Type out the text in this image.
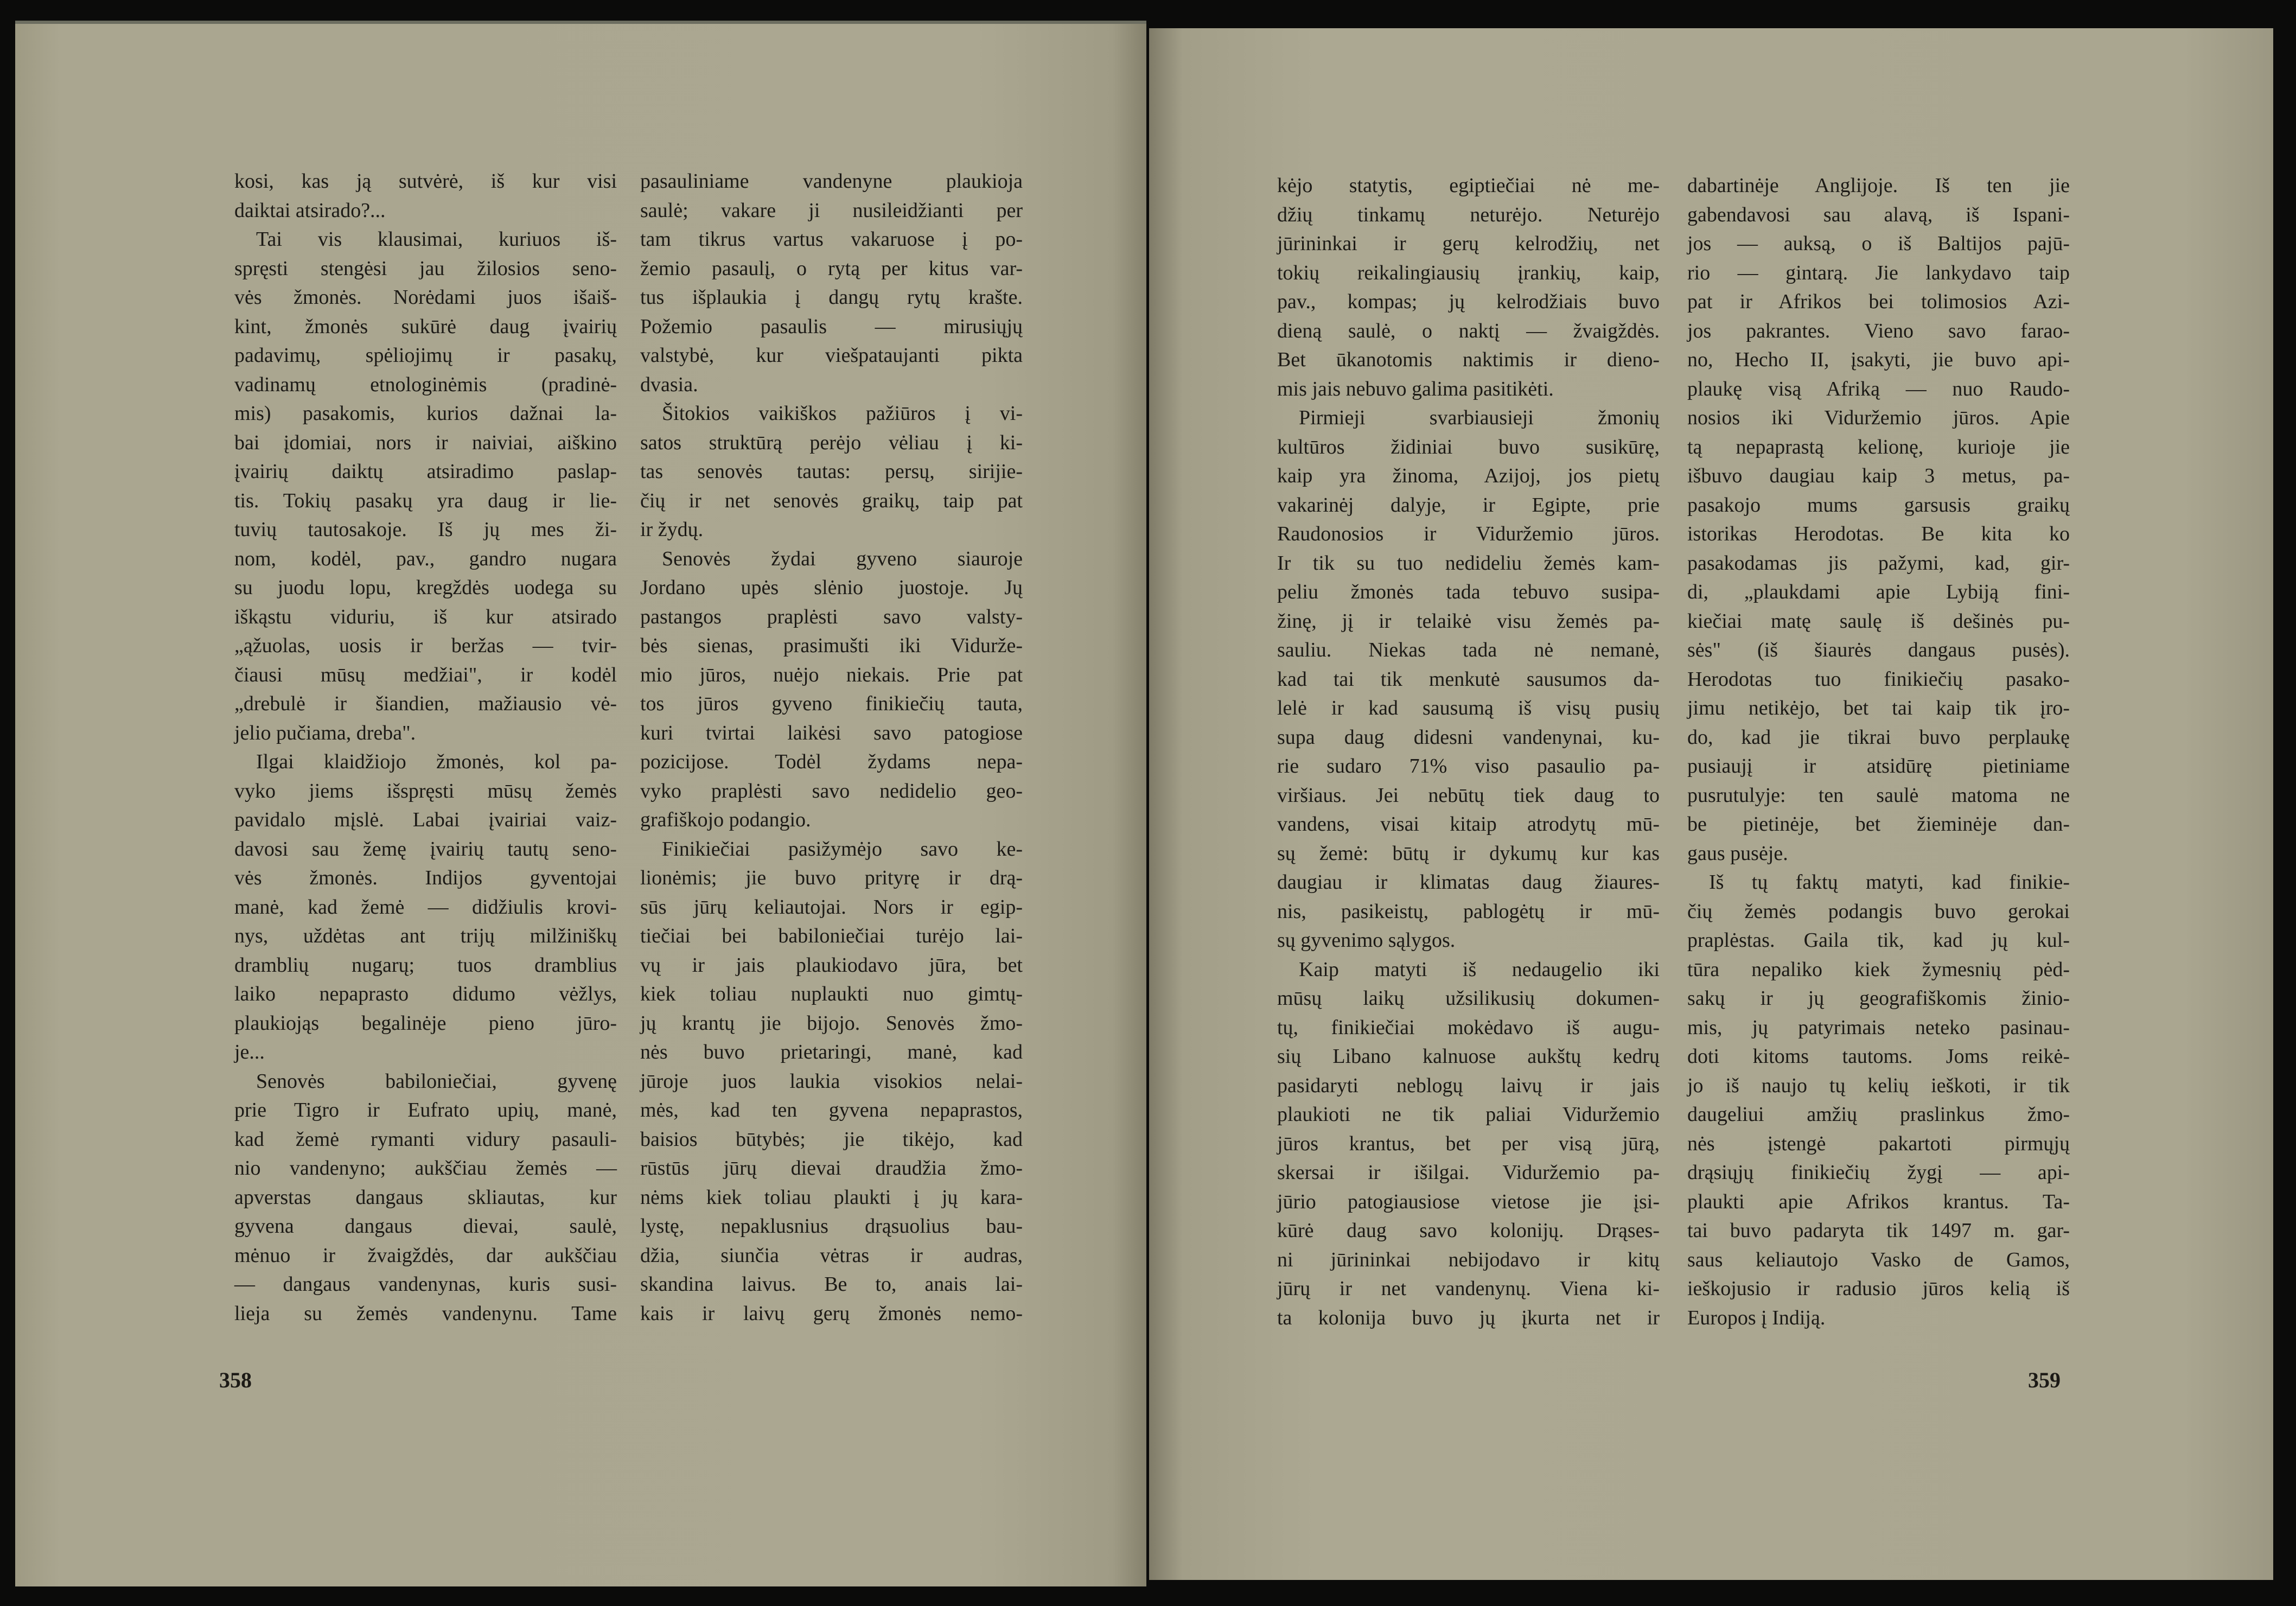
kosi, kas ją sutvėrė, iš kur visi
daiktai atsirado?...
Tai vis klausimai, kuriuos iš-
spręsti stengėsi jau žilosios seno-
vės žmonės. Norėdami juos išaiš-
kint, žmonės sukūrė daug įvairių
padavimų, spėliojimų ir pasakų,
vadinamų etnologinėmis (pradinė-
mis) pasakomis, kurios dažnai la-
bai įdomiai, nors ir naiviai, aiškino
įvairių daiktų atsiradimo paslap-
tis. Tokių pasakų yra daug ir lie-
tuvių tautosakoje. Iš jų mes ži-
nom, kodėl, pav., gandro nugara
su juodu lopu, kregždės uodega su
iškąstu viduriu, iš kur atsirado
„ąžuolas, uosis ir beržas — tvir-
čiausi mūsų medžiai", ir kodėl
„drebulė ir šiandien, mažiausio vė-
jelio pučiama, dreba".
Ilgai klaidžiojo žmonės, kol pa-
vyko jiems išspręsti mūsų žemės
pavidalo mįslė. Labai įvairiai vaiz-
davosi sau žemę įvairių tautų seno-
vės žmonės. Indijos gyventojai
manė, kad žemė — didžiulis krovi-
nys, uždėtas ant trijų milžiniškų
dramblių nugarų; tuos dramblius
laiko nepaprasto didumo vėžlys,
plaukiojąs begalinėje pieno jūro-
je...
Senovės babiloniečiai, gyvenę
prie Tigro ir Eufrato upių, manė,
kad žemė rymanti vidury pasauli-
nio vandenyno; aukščiau žemės —
apverstas dangaus skliautas, kur
gyvena dangaus dievai, saulė,
mėnuo ir žvaigždės, dar aukščiau
— dangaus vandenynas, kuris susi-
lieja su žemės vandenynu. Tame
pasauliniame vandenyne plaukioja
saulė; vakare ji nusileidžianti per
tam tikrus vartus vakaruose į po-
žemio pasaulį, o rytą per kitus var-
tus išplaukia į dangų rytų krašte.
Požemio pasaulis — mirusiųjų
valstybė, kur viešpataujanti pikta
dvasia.
Šitokios vaikiškos pažiūros į vi-
satos struktūrą perėjo vėliau į ki-
tas senovės tautas: persų, sirijie-
čių ir net senovės graikų, taip pat
ir žydų.
Senovės žydai gyveno siauroje
Jordano upės slėnio juostoje. Jų
pastangos praplėsti savo valsty-
bės sienas, prasimušti iki Vidurže-
mio jūros, nuėjo niekais. Prie pat
tos jūros gyveno finikiečių tauta,
kuri tvirtai laikėsi savo patogiose
pozicijose. Todėl žydams nepa-
vyko praplėsti savo nedidelio geo-
grafiškojo podangio.
Finikiečiai pasižymėjo savo ke-
lionėmis; jie buvo prityrę ir drą-
sūs jūrų keliautojai. Nors ir egip-
tiečiai bei babiloniečiai turėjo lai-
vų ir jais plaukiodavo jūra, bet
kiek toliau nuplaukti nuo gimtų-
jų krantų jie bijojo. Senovės žmo-
nės buvo prietaringi, manė, kad
jūroje juos laukia visokios nelai-
mės, kad ten gyvena nepaprastos,
baisios būtybės; jie tikėjo, kad
rūstūs jūrų dievai draudžia žmo-
nėms kiek toliau plaukti į jų kara-
lystę, nepaklusnius drąsuolius bau-
džia, siunčia vėtras ir audras,
skandina laivus. Be to, anais lai-
kais ir laivų gerų žmonės nemo-
kėjo statytis, egiptiečiai nė me-
džių tinkamų neturėjo. Neturėjo
jūrininkai ir gerų kelrodžių, net
tokių reikalingiausių įrankių, kaip,
pav., kompas; jų kelrodžiais buvo
dieną saulė, o naktį — žvaigždės.
Bet ūkanotomis naktimis ir dieno-
mis jais nebuvo galima pasitikėti.
Pirmieji svarbiausieji žmonių
kultūros židiniai buvo susikūrę,
kaip yra žinoma, Azijoj, jos pietų
vakarinėj dalyje, ir Egipte, prie
Raudonosios ir Viduržemio jūros.
Ir tik su tuo nedideliu žemės kam-
peliu žmonės tada tebuvo susipa-
žinę, jį ir telaikė visu žemės pa-
sauliu. Niekas tada nė nemanė,
kad tai tik menkutė sausumos da-
lelė ir kad sausumą iš visų pusių
supa daug didesni vandenynai, ku-
rie sudaro 71% viso pasaulio pa-
viršiaus. Jei nebūtų tiek daug to
vandens, visai kitaip atrodytų mū-
sų žemė: būtų ir dykumų kur kas
daugiau ir klimatas daug žiaures-
nis, pasikeistų, pablogėtų ir mū-
sų gyvenimo sąlygos.
Kaip matyti iš nedaugelio iki
mūsų laikų užsilikusių dokumen-
tų, finikiečiai mokėdavo iš augu-
sių Libano kalnuose aukštų kedrų
pasidaryti neblogų laivų ir jais
plaukioti ne tik paliai Viduržemio
jūros krantus, bet per visą jūrą,
skersai ir išilgai. Viduržemio pa-
jūrio patogiausiose vietose jie įsi-
kūrė daug savo kolonijų. Drąses-
ni jūrininkai nebijodavo ir kitų
jūrų ir net vandenynų. Viena ki-
ta kolonija buvo jų įkurta net ir
dabartinėje Anglijoje. Iš ten jie
gabendavosi sau alavą, iš Ispani-
jos — auksą, o iš Baltijos pajū-
rio — gintarą. Jie lankydavo taip
pat ir Afrikos bei tolimosios Azi-
jos pakrantes. Vieno savo farao-
no, Hecho II, įsakyti, jie buvo api-
plaukę visą Afriką — nuo Raudo-
nosios iki Viduržemio jūros. Apie
tą nepaprastą kelionę, kurioje jie
išbuvo daugiau kaip 3 metus, pa-
pasakojo mums garsusis graikų
istorikas Herodotas. Be kita ko
pasakodamas jis pažymi, kad, gir-
di, „plaukdami apie Lybiją fini-
kiečiai matę saulę iš dešinės pu-
sės" (iš šiaurės dangaus pusės).
Herodotas tuo finikiečių pasako-
jimu netikėjo, bet tai kaip tik įro-
do, kad jie tikrai buvo perplaukę
pusiaujį ir atsidūrę pietiniame
pusrutulyje: ten saulė matoma ne
be pietinėje, bet žieminėje dan-
gaus pusėje.
Iš tų faktų matyti, kad finikie-
čių žemės podangis buvo gerokai
praplėstas. Gaila tik, kad jų kul-
tūra nepaliko kiek žymesnių pėd-
sakų ir jų geografiškomis žinio-
mis, jų patyrimais neteko pasinau-
doti kitoms tautoms. Joms reikė-
jo iš naujo tų kelių ieškoti, ir tik
daugeliui amžių praslinkus žmo-
nės įstengė pakartoti pirmųjų
drąsiųjų finikiečių žygį — api-
plaukti apie Afrikos krantus. Ta-
tai buvo padaryta tik 1497 m. gar-
saus keliautojo Vasko de Gamos,
ieškojusio ir radusio jūros kelią iš
Europos į Indiją.
358	359
